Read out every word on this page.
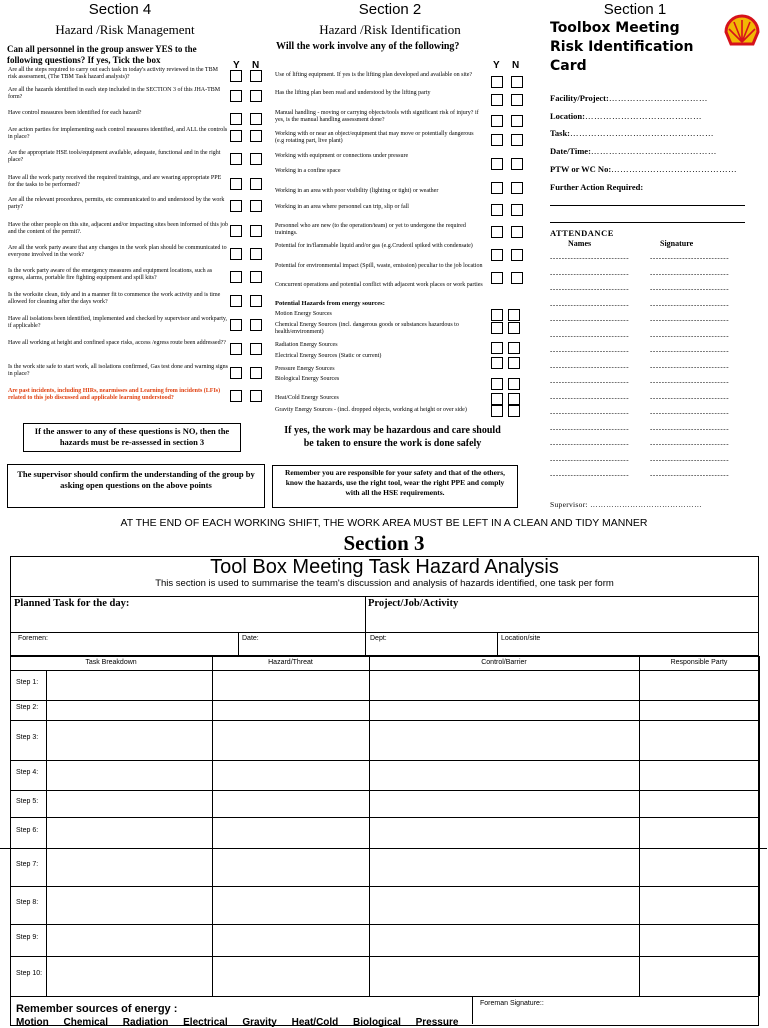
Section 4
Hazard /Risk Management
Can all personnel in the group answer YES to the following questions? If yes, Tick the box	Y N
Are all the steps required to carry out each task in today's activity reviewed in the TBM risk assessment, (The TBM Task hazard analysis)?
Are all the hazards identified in each step included in the SECTION 3 of this JHA-TBM form?
Have control measures been identified for each hazard?
Are action parties for implementing each control measures identified, and ALL the controls in place?
Are the appropriate HSE tools/equipment available, adequate, functional and in the right place?
Have all the work party received the required trainings, and are wearing appropriate PPE for the tasks to be performed?
Are all the relevant procedures, permits, etc communicated to and understood by the work party?
Have the other people on this site, adjacent and/or impacting sites been informed of this job and the content of the permit?.
Are all the work party aware that any changes in the work plan should be communicated to everyone involved in the work?
Is the work party aware of the emergency measures and equipment locations, such as egress, alarms, portable fire fighting equipment and spill kits?
Is the worksite clean, tidy and in a manner fit to commence the work activity and is time allowed for cleaning after the days work?
Have all isolations been identified, implemented and checked by supervisor and workparty, if applicable?
Have all working at height and confined space risks, access /egress route been addressed??
Is the work site safe to start work, all isolations confirmed, Gas test done and warning signs in place?
Are past incidents, including HIRs, nearmisses and Learning from incidents (LFIs) related to this job discussed and applicable learning understood?
If the answer to any of these questions is NO, then the hazards must be re-assessed in section 3
The supervisor should confirm the understanding of the group by asking open questions on the above points
Section 2
Hazard /Risk Identification
Will the work involve any of the following?
Y N
Use of lifting equipment. If yes is the lifting plan developed and available on site?
Has the lifting plan been read and understood by the lifting party
Manual handling - moving or carrying objects/tools with significant risk of injury? if yes, is the manual handling assessment done?
Working with or near an object/equipment that may move or potentially dangerous (e.g rotating part, live plant)
Working with equipment or connections under pressure
Working in a confine space
Working in an area with poor visibility (lighting or tight) or weather
Working in an area where personnel can trip, slip or fall
Personnel who are new (to the operation/team) or yet to undergone the required trainings.
Potential for in/flammable liquid and/or gas (e.g.Crudeoil spiked with condensate)
Potential for environmental impact (Spill, waste, emission) peculiar to the job location
Concurrent operations and potential conflict with adjacent work places or work parties
Potential Hazards from energy sources:
Motion Energy Sources
Chemical Energy Sources (incl. dangerous goods or substances hazardous to health/environment)
Radiation Energy Sources
Electrical Energy Sources (Static or current)
Pressure Energy Sources
Biological Energy Sources
Heat/Cold Energy Sources
Gravity Energy Sources - (incl. dropped objects, working at height or over side)
If yes, the work may be hazardous and care should be taken to ensure the work is done safely
Remember you are responsible for your safety and that of the others, know the hazards, use the right tool, wear the right PPE and comply with all the HSE requirements.
Section 1
Toolbox Meeting Risk Identification Card
Facility/Project:……………………………
Location:…………………………………
Task:…………………………………………
Date/Time:……………………………………
PTW or WC No:……………………………………
Further Action Required:
ATTENDANCE
Names	Signature
---------------------------	---------------------------
---------------------------	---------------------------
---------------------------	---------------------------
---------------------------	---------------------------
---------------------------	---------------------------
---------------------------	---------------------------
---------------------------	---------------------------
---------------------------	---------------------------
---------------------------	---------------------------
---------------------------	---------------------------
---------------------------	---------------------------
---------------------------	---------------------------
---------------------------	---------------------------
---------------------------	---------------------------
---------------------------	---------------------------
Supervisor: ……………………………………
AT THE END OF EACH WORKING SHIFT, THE WORK AREA MUST BE LEFT IN A CLEAN AND TIDY MANNER
Section 3
Tool Box Meeting Task Hazard Analysis
This section is used to summarise the team's discussion and analysis of hazards identified, one task per form
Planned Task for the day:	Project/Job/Activity
Foremen:	Date:	Dept:	Location/site
Task Breakdown	Hazard/Threat	Control/Barrier	Responsible Party
Step 1:
Step 2:
Step 3:
Step 4:
Step 5:
Step 6:
Step 7:
Step 8:
Step 9:
Step 10:
Remember sources of energy :
Motion Chemical Radiation Electrical Gravity Heat/Cold Biological Pressure
Foreman Signature::
